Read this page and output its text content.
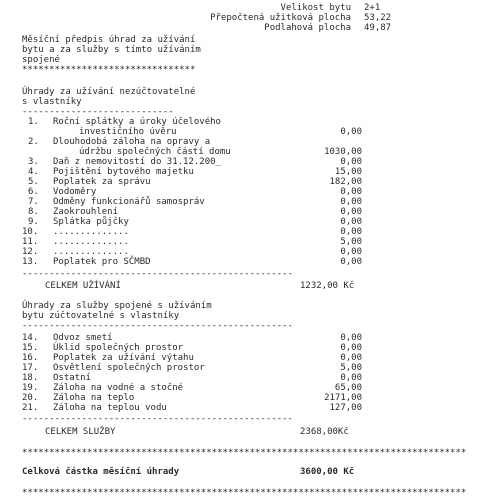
Velikost bytu 2+1
Přepočtená užitková plocha 53,22
Podlahová plocha 49,87
Měsíční předpis úhrad za užívání
bytu a za služby s tímto užíváním
spojené
********************************
Úhrady za užívání nezúčtovatelné
s vlastníky
----------------------------
1. Roční splátky a úroky účelového
investičního úvěru	0,00
2. Dlouhodobá záloha na opravy a
údržbu společných částí domu	1030,00
3. Daň z nemovitostí do 31.12.200_	0,00
4. Pojištění bytového majetku	15,00
5. Poplatek za správu	182,00
6. Vodoměry	0,00
7. Odměny funkcionářů samospráv	0,00
8. Zaokrouhlení	0,00
9. Splátka půjčky	0,00
10. ..............	0,00
11. ..............	5,00
12. ..............	0,00
13. Poplatek pro SČMBD	0,00
--------------------------------------------------
CELKEM UŽÍVÁNÍ	1232,00 Kč
Úhrady za služby spojené s užíváním
bytu zúčtovatelné s vlastníky
--------------------------------------------------
14. Odvoz smetí	0,00
15. Úklid společných prostor	0,00
16. Poplatek za užívání výtahu	0,00
17. Osvětlení společných prostor	5,00
18. Ostatní	0,00
19. Záloha na vodné a stočné	65,00
20. Záloha na teplo	2171,00
21. Záloha na teplou vodu	127,00
--------------------------------------------------
CELKEM SLUŽBY	2368,00Kč
**********************************************************************************
Celková částka měsíční úhrady	3600,00 Kč
**********************************************************************************
